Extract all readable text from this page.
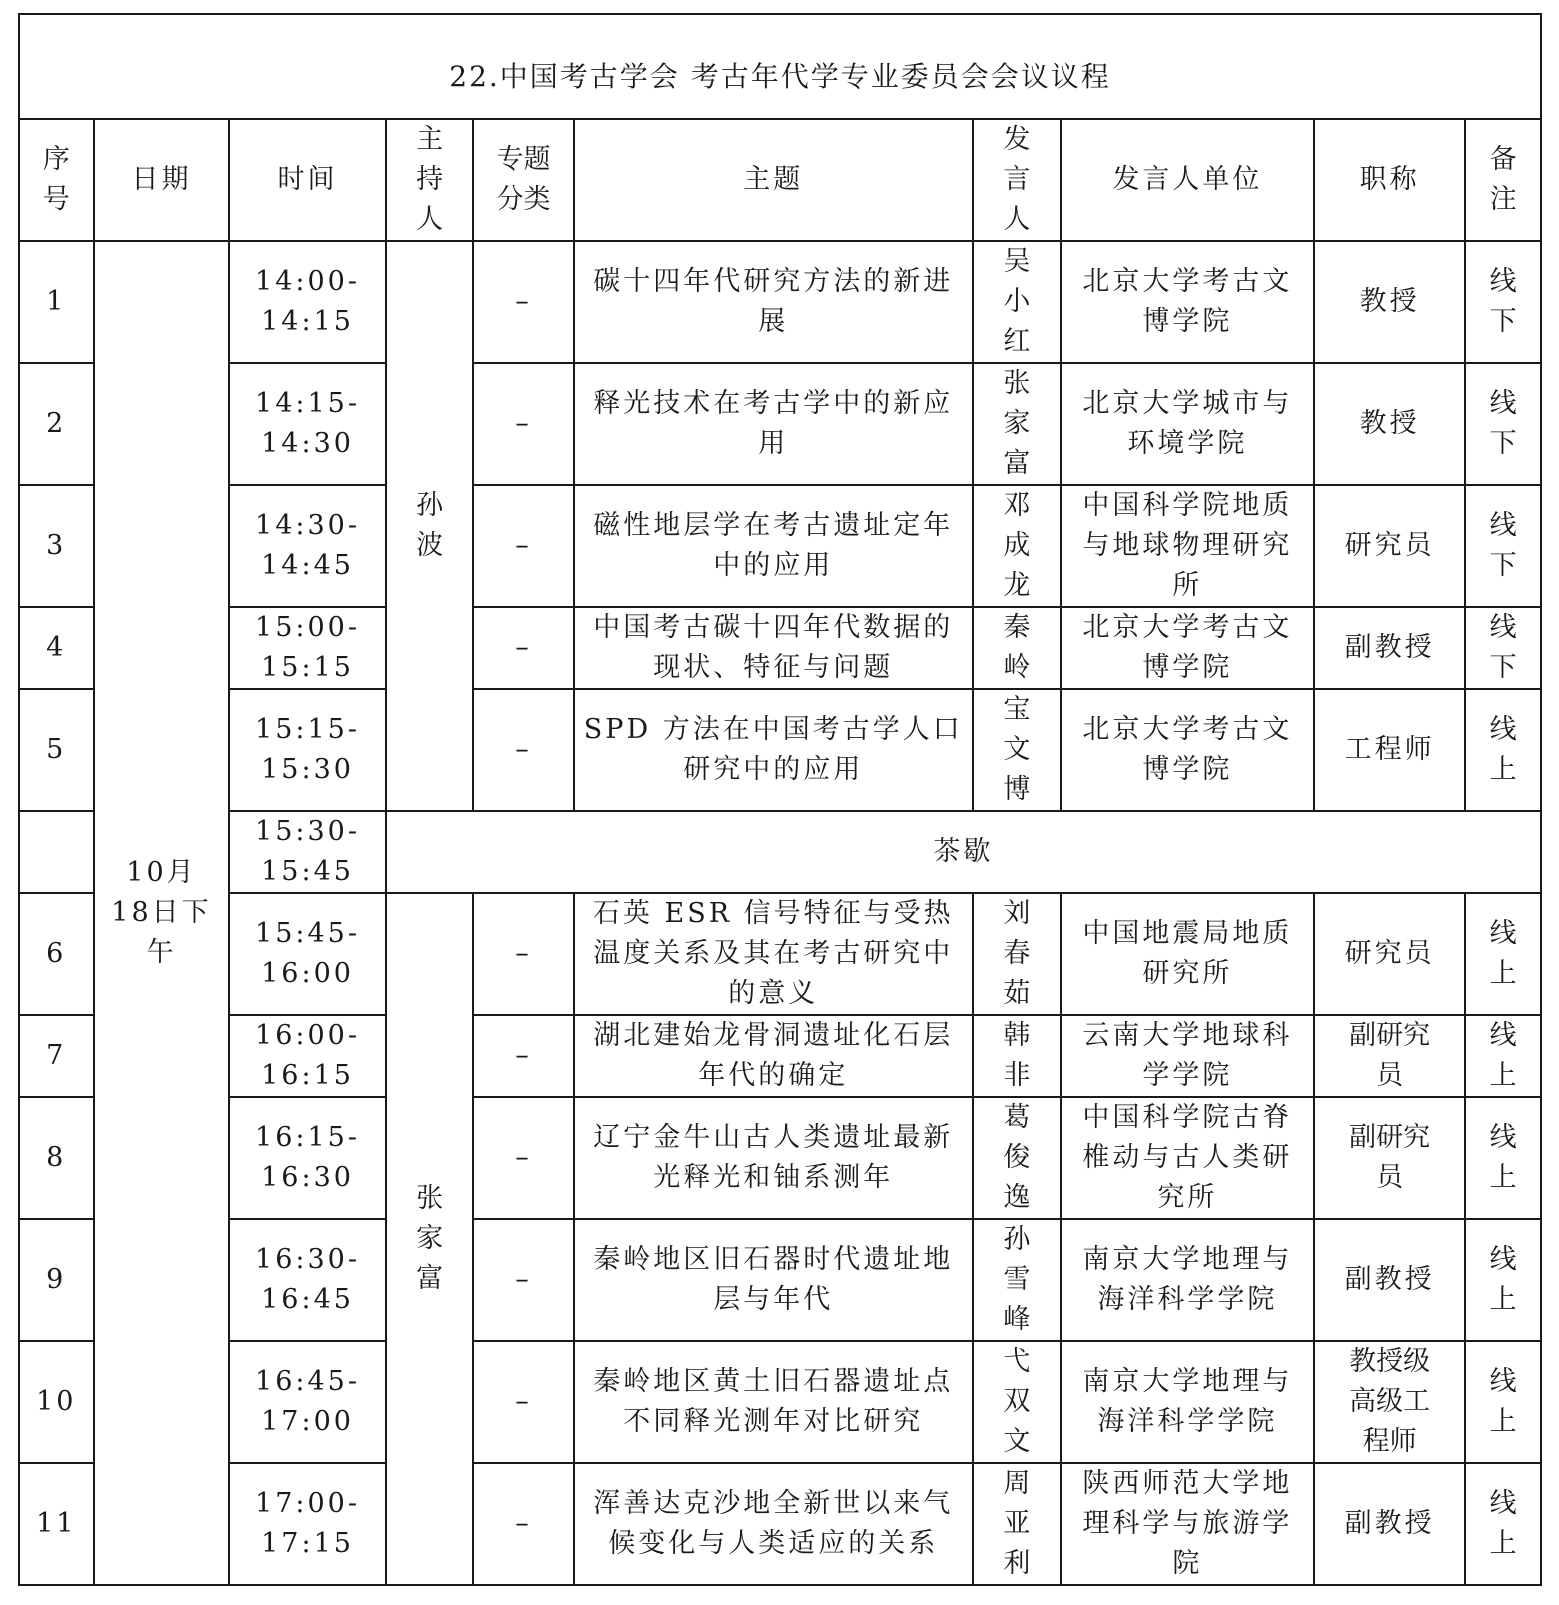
22.中国考古学会 考古年代学专业委员会会议议程									
序号	日期	时间	主持人	专题分类	主题	发言人	发言人单位	职称	备注
1	10月18日下午	14:00-14:15	孙波	–	碳十四年代研究方法的新进展	吴小红	北京大学考古文博学院	教授	线下
2		14:15-14:30		–	释光技术在考古学中的新应用	张家富	北京大学城市与环境学院	教授	线下
3		14:30-14:45		–	磁性地层学在考古遗址定年中的应用	邓成龙	中国科学院地质与地球物理研究所	研究员	线下
4		15:00-15:15		–	中国考古碳十四年代数据的现状、特征与问题	秦岭	北京大学考古文博学院	副教授	线下
5		15:15-15:30		–	SPD 方法在中国考古学人口研究中的应用	宝文博	北京大学考古文博学院	工程师	线上
		15:30-15:45	茶歇						
6		15:45-16:00	张家富	–	石英 ESR 信号特征与受热温度关系及其在考古研究中的意义	刘春茹	中国地震局地质研究所	研究员	线上
7		16:00-16:15		–	湖北建始龙骨洞遗址化石层年代的确定	韩非	云南大学地球科学学院	副研究员	线上
8		16:15-16:30		–	辽宁金牛山古人类遗址最新光释光和铀系测年	葛俊逸	中国科学院古脊椎动与古人类研究所	副研究员	线上
9		16:30-16:45		–	秦岭地区旧石器时代遗址地层与年代	孙雪峰	南京大学地理与海洋科学学院	副教授	线上
10		16:45-17:00		–	秦岭地区黄土旧石器遗址点不同释光测年对比研究	弋双文	南京大学地理与海洋科学学院	教授级高级工程师	线上
11		17:00-17:15		–	浑善达克沙地全新世以来气候变化与人类适应的关系	周亚利	陕西师范大学地理科学与旅游学院	副教授	线上
